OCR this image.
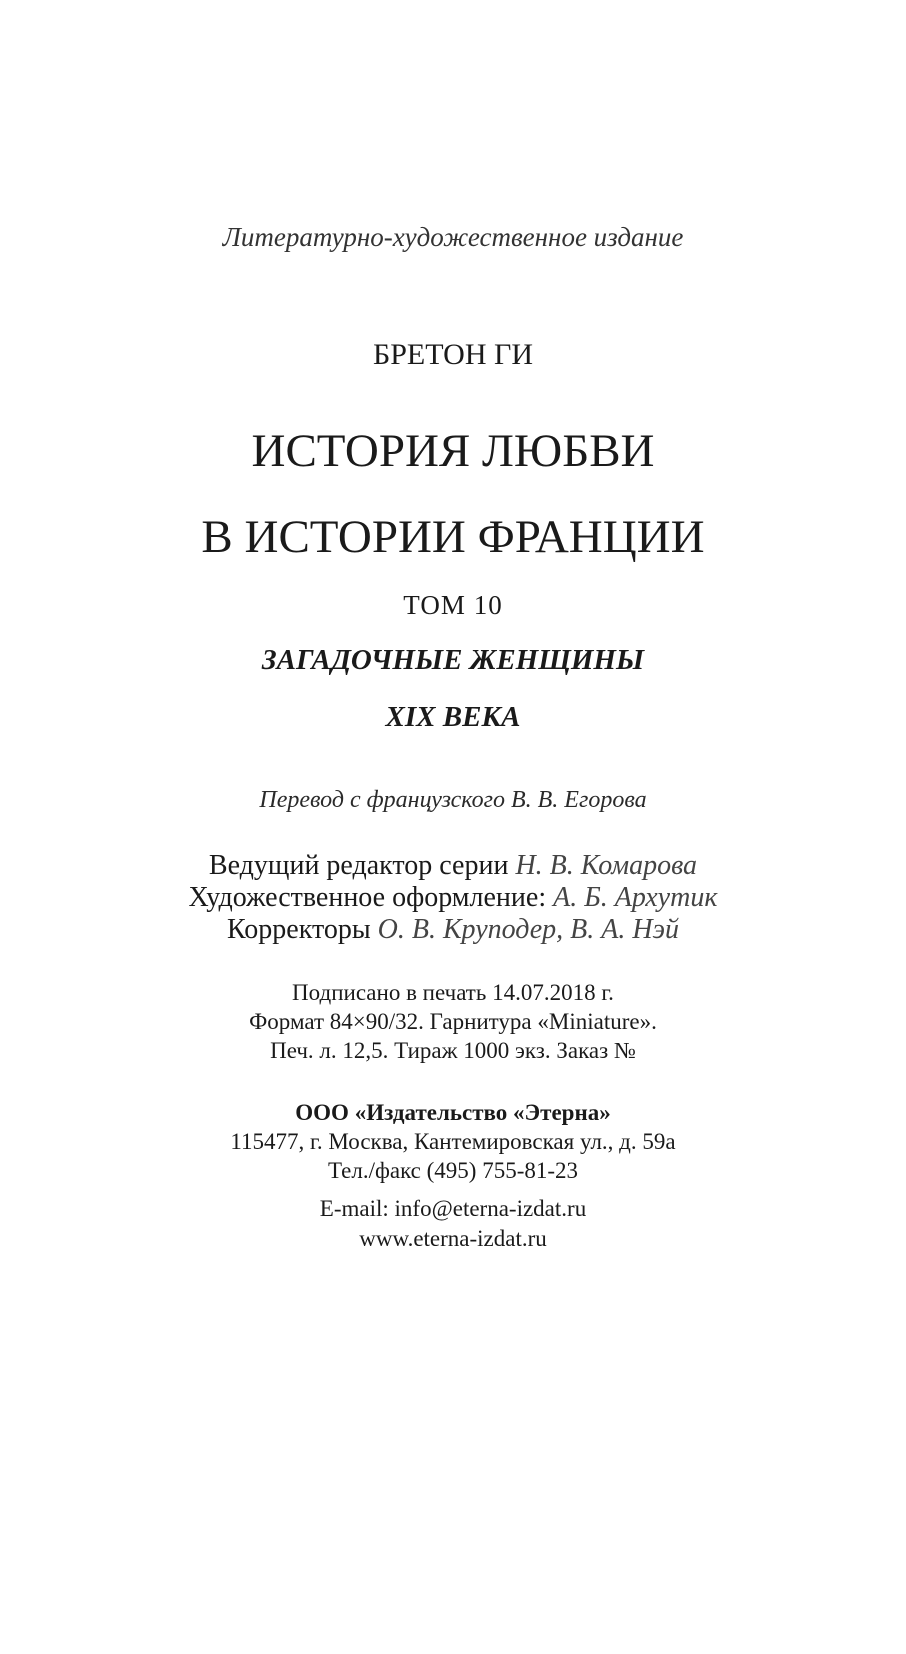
Литературно-художественное издание
БРЕТОН ГИ
ИСТОРИЯ ЛЮБВИ
В ИСТОРИИ ФРАНЦИИ
ТОМ 10
ЗАГАДОЧНЫЕ ЖЕНЩИНЫ
XIX ВЕКА
Перевод с французского В. В. Егорова
Ведущий редактор серии Н. В. Комарова
Художественное оформление: А. Б. Архутик
Корректоры О. В. Круподер, В. А. Нэй
Подписано в печать 14.07.2018 г.
Формат 84×90/32. Гарнитура «Miniature».
Печ. л. 12,5. Тираж 1000 экз. Заказ №
ООО «Издательство «Этерна»
115477, г. Москва, Кантемировская ул., д. 59а
Тел./факс (495) 755-81-23
E-mail: info@eterna-izdat.ru
www.eterna-izdat.ru
